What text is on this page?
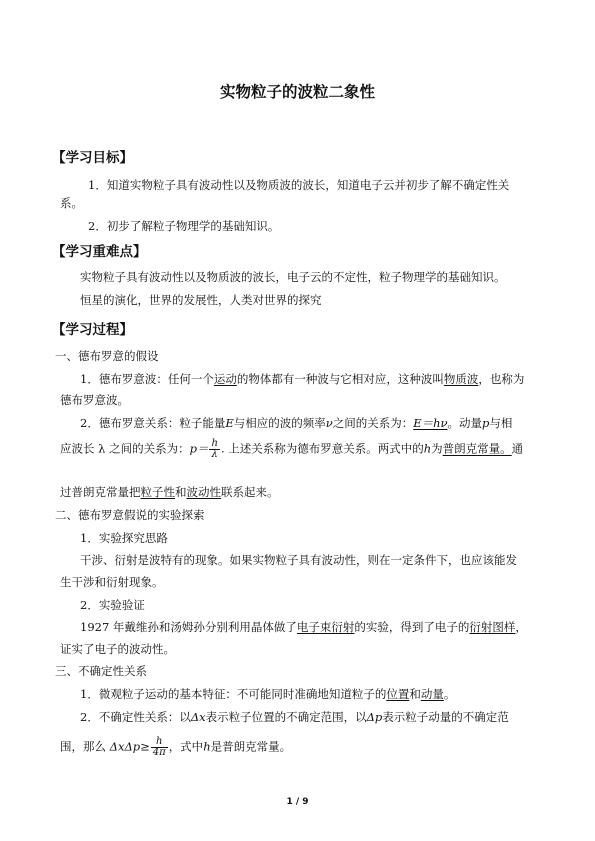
实物粒子的波粒二象性
【学习目标】
1．知道实物粒子具有波动性以及物质波的波长，知道电子云并初步了解不确定性关
系。
2．初步了解粒子物理学的基础知识。
【学习重难点】
实物粒子具有波动性以及物质波的波长，电子云的不定性，粒子物理学的基础知识。
恒星的演化，世界的发展性，人类对世界的探究
【学习过程】
一、德布罗意的假设
1．德布罗意波：任何一个运动的物体都有一种波与它相对应，这种波叫物质波，也称为
德布罗意波。
2．德布罗意关系：粒子能量E与相应的波的频率ν之间的关系为：E＝hν。动量p与相
应波长 λ 之间的关系为：$p= \frac{h}{\lambda}$ . 上述关系称为德布罗意关系。两式中的h为普朗克常量。通
过普朗克常量把粒子性和波动性联系起来。
二、德布罗意假说的实验探索
1．实验探究思路
干涉、衍射是波特有的现象。如果实物粒子具有波动性，则在一定条件下，也应该能发
生干涉和衍射现象。
2．实验验证
1927 年戴维孙和汤姆孙分别利用晶体做了电子束衍射的实验，得到了电子的衍射图样，
证实了电子的波动性。
三、不确定性关系
1．微观粒子运动的基本特征：不可能同时准确地知道粒子的位置和动量。
2．不确定性关系：以Δx表示粒子位置的不确定范围，以Δp表示粒子动量的不确定范
围，那么 $\Delta x\Delta p\ge \frac{h}{4\pi}$ ，式中h是普朗克常量。
1 / 9
